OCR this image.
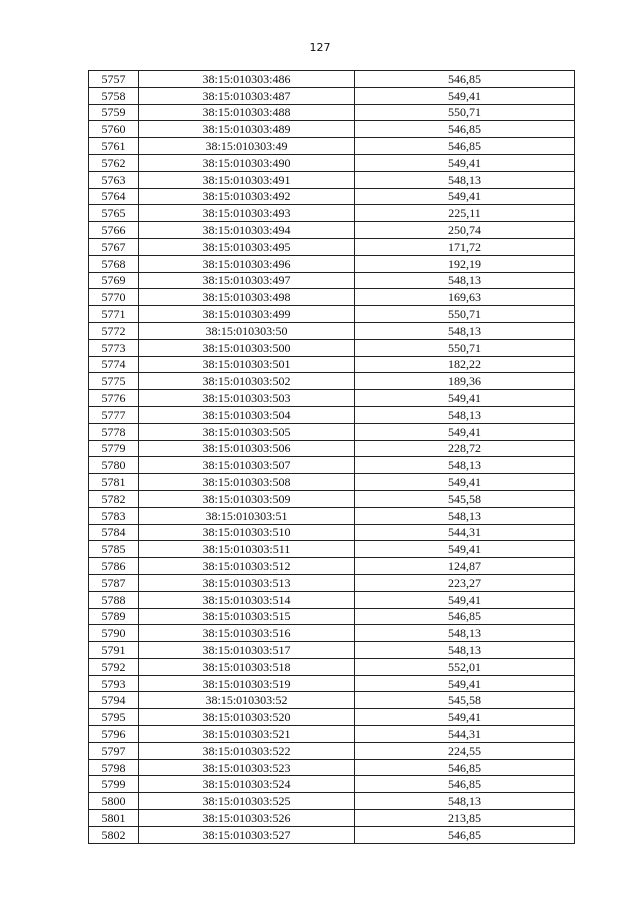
127
5757	38:15:010303:486	546,85
5758	38:15:010303:487	549,41
5759	38:15:010303:488	550,71
5760	38:15:010303:489	546,85
5761	38:15:010303:49	546,85
5762	38:15:010303:490	549,41
5763	38:15:010303:491	548,13
5764	38:15:010303:492	549,41
5765	38:15:010303:493	225,11
5766	38:15:010303:494	250,74
5767	38:15:010303:495	171,72
5768	38:15:010303:496	192,19
5769	38:15:010303:497	548,13
5770	38:15:010303:498	169,63
5771	38:15:010303:499	550,71
5772	38:15:010303:50	548,13
5773	38:15:010303:500	550,71
5774	38:15:010303:501	182,22
5775	38:15:010303:502	189,36
5776	38:15:010303:503	549,41
5777	38:15:010303:504	548,13
5778	38:15:010303:505	549,41
5779	38:15:010303:506	228,72
5780	38:15:010303:507	548,13
5781	38:15:010303:508	549,41
5782	38:15:010303:509	545,58
5783	38:15:010303:51	548,13
5784	38:15:010303:510	544,31
5785	38:15:010303:511	549,41
5786	38:15:010303:512	124,87
5787	38:15:010303:513	223,27
5788	38:15:010303:514	549,41
5789	38:15:010303:515	546,85
5790	38:15:010303:516	548,13
5791	38:15:010303:517	548,13
5792	38:15:010303:518	552,01
5793	38:15:010303:519	549,41
5794	38:15:010303:52	545,58
5795	38:15:010303:520	549,41
5796	38:15:010303:521	544,31
5797	38:15:010303:522	224,55
5798	38:15:010303:523	546,85
5799	38:15:010303:524	546,85
5800	38:15:010303:525	548,13
5801	38:15:010303:526	213,85
5802	38:15:010303:527	546,85
